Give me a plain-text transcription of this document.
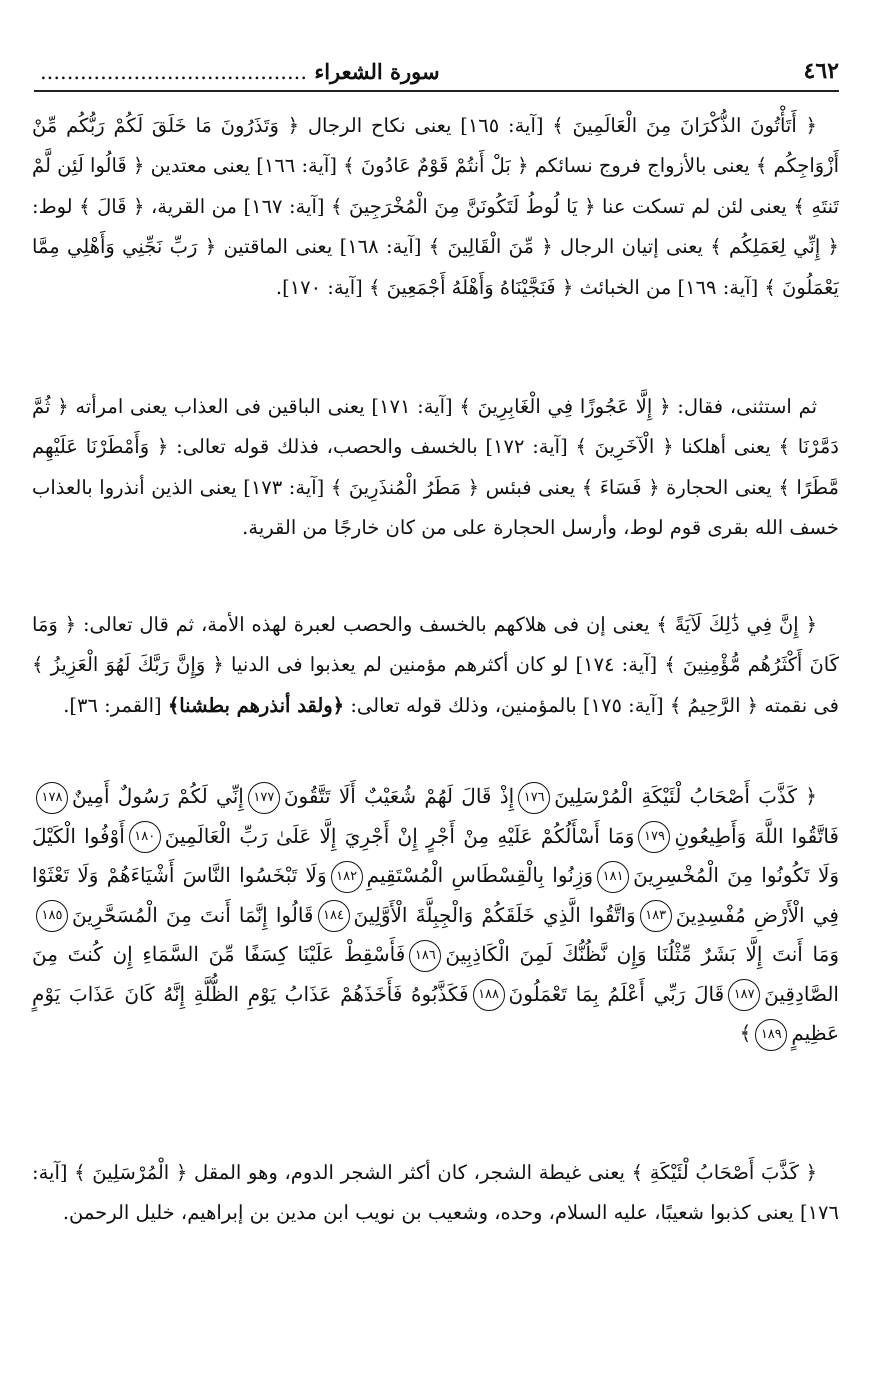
٤٦٢
سورة الشعراء ........................................

﴿ أَتَأْتُونَ الذُّكْرَانَ مِنَ الْعَالَمِينَ ﴾ [آية: ١٦٥] يعنى نكاح الرجال ﴿ وَتَذَرُونَ مَا خَلَقَ لَكُمْ رَبُّكُم مِّنْ أَزْوَاجِكُم ﴾ يعنى بالأزواج فروج نسائكم ﴿ بَلْ أَنتُمْ قَوْمٌ عَادُونَ ﴾ [آية: ١٦٦] يعنى معتدين ﴿ قَالُوا لَئِن لَّمْ تَنتَهِ ﴾ يعنى لئن لم تسكت عنا ﴿ يَا لُوطُ لَتَكُونَنَّ مِنَ الْمُخْرَجِينَ ﴾ [آية: ١٦٧] من القرية، ﴿ قَالَ ﴾ لوط: ﴿ إِنِّي لِعَمَلِكُم ﴾ يعنى إتيان الرجال ﴿ مِّنَ الْقَالِينَ ﴾ [آية: ١٦٨] يعنى الماقتين ﴿ رَبِّ نَجِّنِي وَأَهْلِي مِمَّا يَعْمَلُونَ ﴾ [آية: ١٦٩] من الخبائث ﴿ فَنَجَّيْنَاهُ وَأَهْلَهُ أَجْمَعِينَ ﴾ [آية: ١٧٠].

ثم استثنى، فقال: ﴿ إِلَّا عَجُوزًا فِي الْغَابِرِينَ ﴾ [آية: ١٧١] يعنى الباقين فى العذاب يعنى امرأته ﴿ ثُمَّ دَمَّرْنَا ﴾ يعنى أهلكنا ﴿ الْآخَرِينَ ﴾ [آية: ١٧٢] بالخسف والحصب، فذلك قوله تعالى: ﴿ وَأَمْطَرْنَا عَلَيْهِم مَّطَرًا ﴾ يعنى الحجارة ﴿ فَسَاءَ ﴾ يعنى فبئس ﴿ مَطَرُ الْمُنذَرِينَ ﴾ [آية: ١٧٣] يعنى الذين أنذروا بالعذاب خسف الله بقرى قوم لوط، وأرسل الحجارة على من كان خارجًا من القرية.

﴿ إِنَّ فِي ذَٰلِكَ لَآيَةً ﴾ يعنى إن فى هلاكهم بالخسف والحصب لعبرة لهذه الأمة، ثم قال تعالى: ﴿ وَمَا كَانَ أَكْثَرُهُم مُّؤْمِنِينَ ﴾ [آية: ١٧٤] لو كان أكثرهم مؤمنين لم يعذبوا فى الدنيا ﴿ وَإِنَّ رَبَّكَ لَهُوَ الْعَزِيزُ ﴾ فى نقمته ﴿ الرَّحِيمُ ﴾ [آية: ١٧٥] بالمؤمنين، وذلك قوله تعالى: ﴿ولقد أنذرهم بطشنا﴾ [القمر: ٣٦].

﴿ كَذَّبَ أَصْحَابُ لْئَيْكَةِ الْمُرْسَلِينَ١٧٦إِذْ قَالَ لَهُمْ شُعَيْبٌ أَلَا تَتَّقُونَ١٧٧إِنِّي لَكُمْ رَسُولٌ أَمِينٌ١٧٨فَاتَّقُوا اللَّهَ وَأَطِيعُونِ١٧٩وَمَا أَسْأَلُكُمْ عَلَيْهِ مِنْ أَجْرٍ إِنْ أَجْرِيَ إِلَّا عَلَىٰ رَبِّ الْعَالَمِينَ١٨٠أَوْفُوا الْكَيْلَ وَلَا تَكُونُوا مِنَ الْمُخْسِرِينَ١٨١وَزِنُوا بِالْقِسْطَاسِ الْمُسْتَقِيمِ١٨٢وَلَا تَبْخَسُوا النَّاسَ أَشْيَاءَهُمْ وَلَا تَعْثَوْا فِي الْأَرْضِ مُفْسِدِينَ١٨٣وَاتَّقُوا الَّذِي خَلَقَكُمْ وَالْجِبِلَّةَ الْأَوَّلِينَ١٨٤قَالُوا إِنَّمَا أَنتَ مِنَ الْمُسَحَّرِينَ١٨٥وَمَا أَنتَ إِلَّا بَشَرٌ مِّثْلُنَا وَإِن نَّظُنُّكَ لَمِنَ الْكَاذِبِينَ١٨٦فَأَسْقِطْ عَلَيْنَا كِسَفًا مِّنَ السَّمَاءِ إِن كُنتَ مِنَ الصَّادِقِينَ١٨٧قَالَ رَبِّي أَعْلَمُ بِمَا تَعْمَلُونَ١٨٨فَكَذَّبُوهُ فَأَخَذَهُمْ عَذَابُ يَوْمِ الظُّلَّةِ إِنَّهُ كَانَ عَذَابَ يَوْمٍ عَظِيمٍ١٨٩﴾

﴿ كَذَّبَ أَصْحَابُ لْئَيْكَةِ ﴾ يعنى غيطة الشجر، كان أكثر الشجر الدوم، وهو المقل ﴿ الْمُرْسَلِينَ ﴾ [آية: ١٧٦] يعنى كذبوا شعيبًا، عليه السلام، وحده، وشعيب بن نويب ابن مدين بن إبراهيم، خليل الرحمن.
